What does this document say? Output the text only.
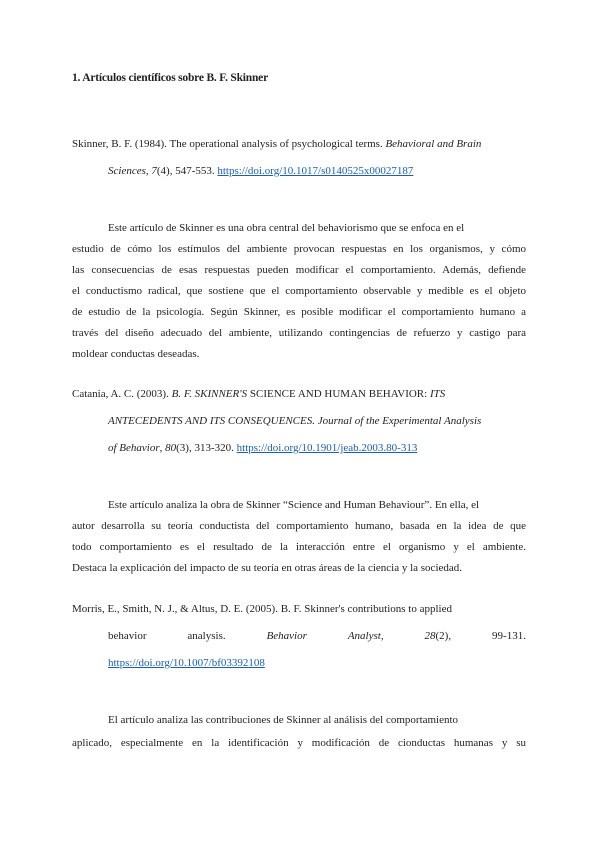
1. Artículos científicos sobre B. F. Skinner
Skinner, B. F. (1984). The operational analysis of psychological terms. Behavioral and Brain
Sciences, 7(4), 547-553. https://doi.org/10.1017/s0140525x00027187
Este artículo de Skinner es una obra central del behaviorismo que se enfoca en el
estudio de cómo los estímulos del ambiente provocan respuestas en los organismos, y cómo
las consecuencias de esas respuestas pueden modificar el comportamiento. Además, defiende
el conductismo radical, que sostiene que el comportamiento observable y medible es el objeto
de estudio de la psicología. Según Skinner, es posible modificar el comportamiento humano a
través del diseño adecuado del ambiente, utilizando contingencias de refuerzo y castigo para
moldear conductas deseadas.
Catania, A. C. (2003). B. F. SKINNER'S SCIENCE AND HUMAN BEHAVIOR: ITS
ANTECEDENTS AND ITS CONSEQUENCES. Journal of the Experimental Analysis
of Behavior, 80(3), 313-320. https://doi.org/10.1901/jeab.2003.80-313
Este artículo analiza la obra de Skinner “Science and Human Behaviour”. En ella, el
autor desarrolla su teoría conductista del comportamiento humano, basada en la idea de que
todo comportamiento es el resultado de la interacción entre el organismo y el ambiente.
Destaca la explicación del impacto de su teoría en otras áreas de la ciencia y la sociedad.
Morris, E., Smith, N. J., & Altus, D. E. (2005). B. F. Skinner's contributions to applied
behavior	analysis.	Behavior	Analyst,	28(2),	99-131.
https://doi.org/10.1007/bf03392108
El artículo analiza las contribuciones de Skinner al análisis del comportamiento
aplicado, especialmente en la identificación y modificación de cionductas humanas y su
